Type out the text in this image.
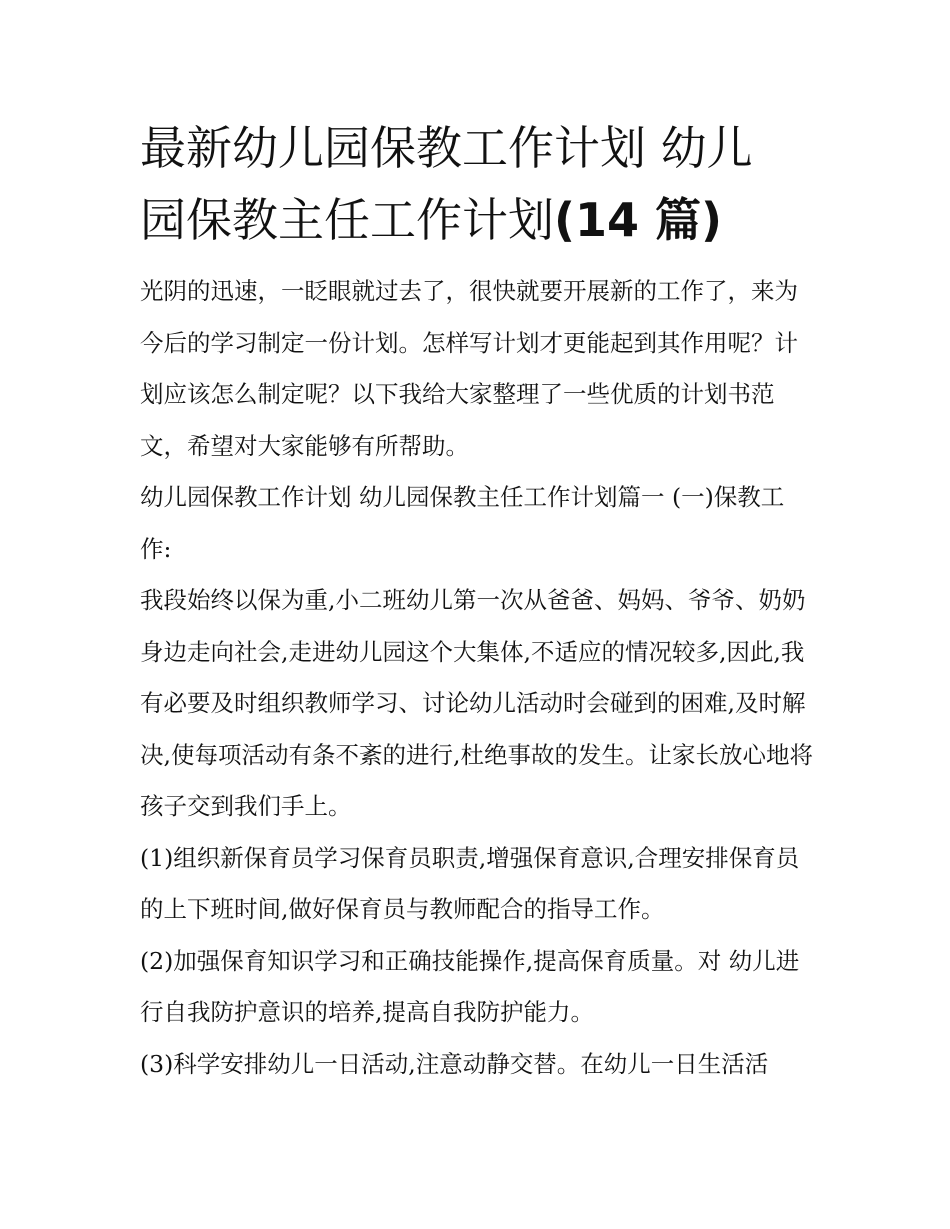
最新幼儿园保教工作计划 幼儿
园保教主任工作计划(14 篇)

光阴的迅速，一眨眼就过去了，很快就要开展新的工作了，来为今后的学习制定一份计划。怎样写计划才更能起到其作用呢？计划应该怎么制定呢？以下我给大家整理了一些优质的计划书范文，希望对大家能够有所帮助。

幼儿园保教工作计划 幼儿园保教主任工作计划篇一 (一)保教工作:

我段始终以保为重,小二班幼儿第一次从爸爸、妈妈、爷爷、奶奶身边走向社会,走进幼儿园这个大集体,不适应的情况较多,因此,我有必要及时组织教师学习、讨论幼儿活动时会碰到的困难,及时解决,使每项活动有条不紊的进行,杜绝事故的发生。让家长放心地将孩子交到我们手上。

(1)组织新保育员学习保育员职责,增强保育意识,合理安排保育员的上下班时间,做好保育员与教师配合的指导工作。

(2)加强保育知识学习和正确技能操作,提高保育质量。对 幼儿进行自我防护意识的培养,提高自我防护能力。

(3)科学安排幼儿一日活动,注意动静交替。在幼儿一日生活活
